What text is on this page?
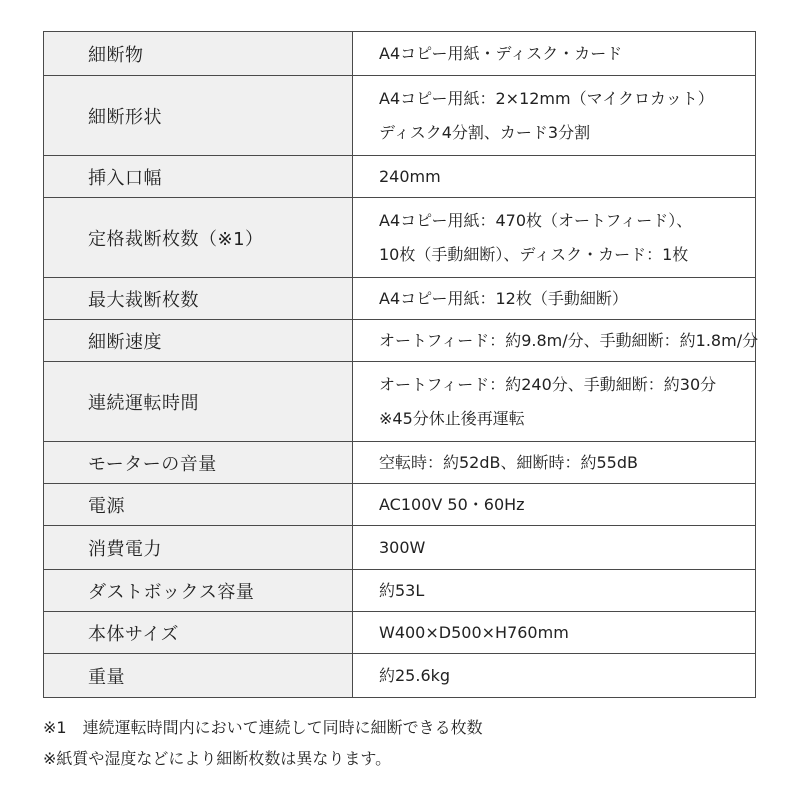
細断物	A4コピー用紙・ディスク・カード

細断形状	A4コピー用紙：2×12mm（マイクロカット）
ディスク4分割、カード3分割

挿入口幅	240mm

定格裁断枚数（※1）	A4コピー用紙：470枚（オートフィード）、
10枚（手動細断）、ディスク・カード：1枚

最大裁断枚数	A4コピー用紙：12枚（手動細断）

細断速度	オートフィード：約9.8m/分、手動細断：約1.8m/分

連続運転時間	オートフィード：約240分、手動細断：約30分
※45分休止後再運転

モーターの音量	空転時：約52dB、細断時：約55dB

電源	AC100V 50・60Hz

消費電力	300W

ダストボックス容量	約53L

本体サイズ	W400×D500×H760mm

重量	約25.6kg
※1　連続運転時間内において連続して同時に細断できる枚数
※紙質や湿度などにより細断枚数は異なります。
